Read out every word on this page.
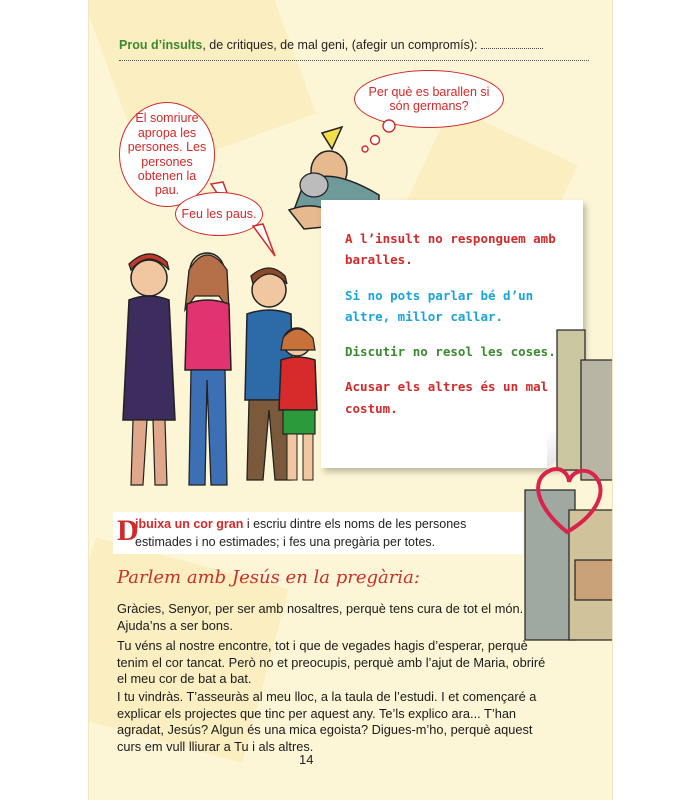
Prou d’insults, de critiques, de mal geni, (afegir un compromís):
El somriure apropa les persones. Les persones obtenen la pau.
Feu les paus.
Per què es barallen si són germans?

A l’insult no responguem amb baralles.

Si no pots parlar bé d’un altre, millor callar.

Discutir no resol les coses.

Acusar els altres és un mal costum.

D
ibuixa un cor gran i escriu dintre els noms de les persones estimades i no estimades; i fes una pregària per totes.
Parlem amb Jesús en la pregària:
Gràcies, Senyor, per ser amb nosaltres, perquè tens cura de tot el món. Ajuda’ns a ser bons.
Tu véns al nostre encontre, tot i que de vegades hagis d’esperar, perquè tenim el cor tancat. Però no et preocupis, perquè amb l’ajut de Maria, obriré el meu cor de bat a bat.
I tu vindràs. T’asseuràs al meu lloc, a la taula de l’estudi. I et començaré a explicar els projectes que tinc per aquest any. Te’ls explico ara... T’han agradat, Jesús? Algun és una mica egoista? Digues-m’ho, perquè aquest curs em vull lliurar a Tu i als altres.
14
